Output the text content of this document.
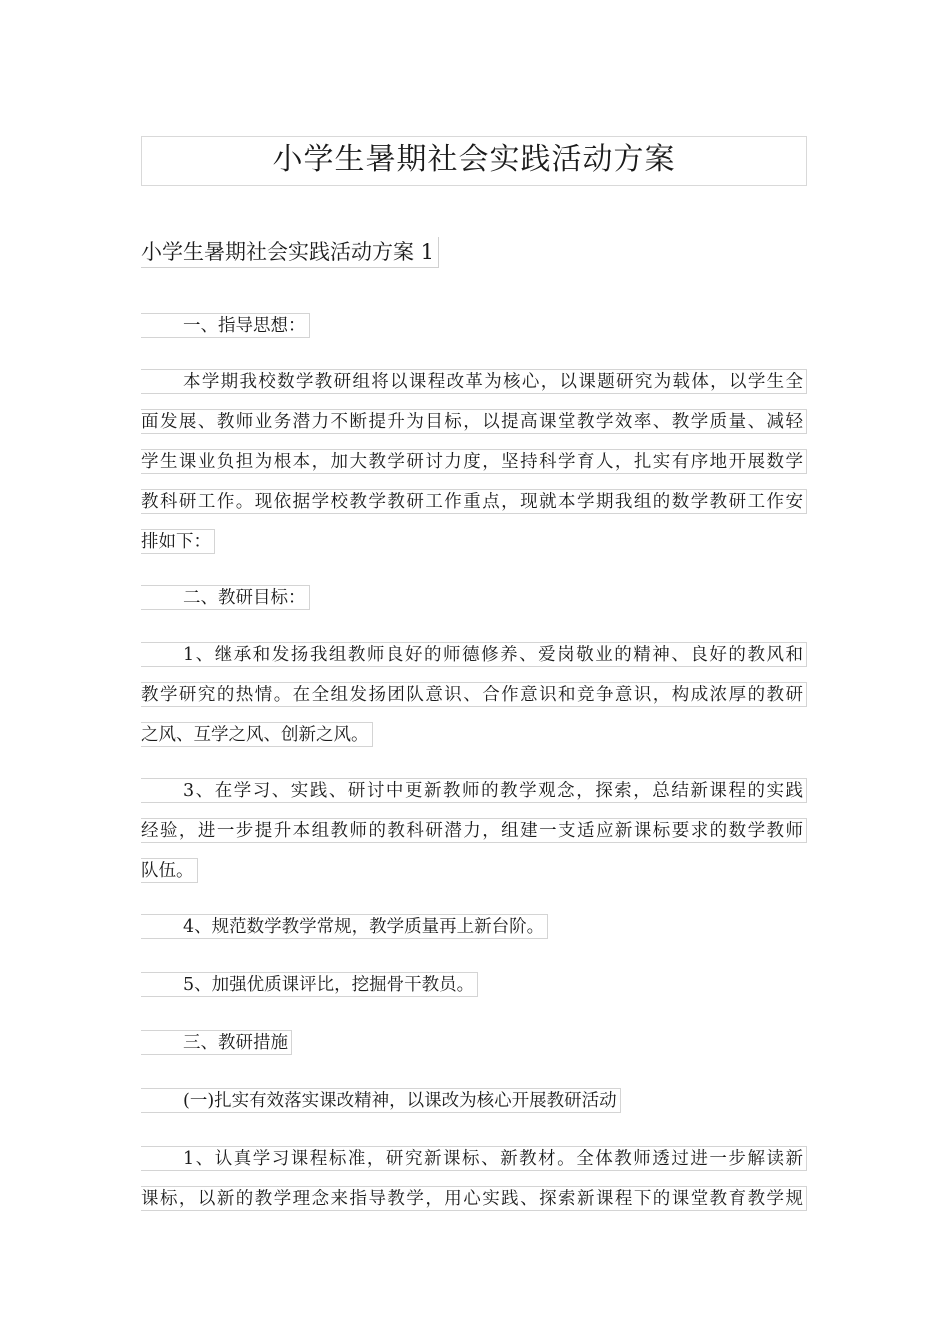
小学生暑期社会实践活动方案
小学生暑期社会实践活动方案 1
一、指导思想：
本学期我校数学教研组将以课程改革为核心，以课题研究为载体，以学生全
面发展、教师业务潜力不断提升为目标，以提高课堂教学效率、教学质量、减轻
学生课业负担为根本，加大教学研讨力度，坚持科学育人，扎实有序地开展数学
教科研工作。现依据学校教学教研工作重点，现就本学期我组的数学教研工作安
排如下：
二、教研目标：
1、继承和发扬我组教师良好的师德修养、爱岗敬业的精神、良好的教风和
教学研究的热情。在全组发扬团队意识、合作意识和竞争意识，构成浓厚的教研
之风、互学之风、创新之风。
3、在学习、实践、研讨中更新教师的教学观念，探索，总结新课程的实践
经验，进一步提升本组教师的教科研潜力，组建一支适应新课标要求的数学教师
队伍。
4、规范数学教学常规，教学质量再上新台阶。
5、加强优质课评比，挖掘骨干教员。
三、教研措施
(一)扎实有效落实课改精神，以课改为核心开展教研活动
1、认真学习课程标准，研究新课标、新教材。全体教师透过进一步解读新
课标，以新的教学理念来指导教学，用心实践、探索新课程下的课堂教育教学规
